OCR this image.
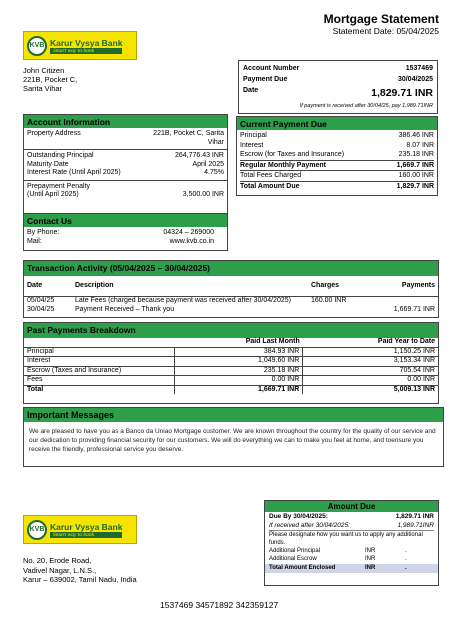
Mortgage Statement
Statement Date: 05/04/2025
KVB Karur Vysya Bank
Smart way to bank
John Citizen
221B, Pocket C,
Sarita Vihar
Account Number	1537469
Payment Due	30/04/2025
Date	1,829.71 INR
If payment is received after 30/04/25, pay 1,989.71INR
Account Information
Property Address	221B, Pocket C, Sarita
Vihar
Outstanding Principal	264,776.43 INR
Maturity Date	April 2025
Interest Rate (Until April 2025)	4.75%
Prepayment Penalty
(Until April 2025)	3,500.00 INR
Contact Us
By Phone:	04324 – 269000
Mail:	www.kvb.co.in
Current Payment Due
Principal	386.46 INR
Interest	8.07 INR
Escrow (for Taxes and Insurance)	235.18 INR
Regular Monthly Payment	1,669.7 INR
Total Fees Charged	160.00 INR
Total Amount Due	1,829.7 INR
Transaction Activity (05/04/2025 – 30/04/2025)
Date	Description	Charges	Payments

05/04/25	Late Fees (charged because payment was received after 30/04/2025)	160.00 INR	
30/04/25	Payment Received – Thank you		1,669.71 INR
Past Payments Breakdown
	Paid Last Month	Paid Year to Date
Principal	384.93 INR	1,150.25 INR
Interest	1,049.60 INR	3,153.34 INR
Escrow (Taxes and Insurance)	235.18 INR	705.54 INR
Fees	0.00 INR	0.00 INR
Total	1,669.71 INR	5,009.13 INR
Important Messages
We are pleased to have you as a Banco da Uniao Mortgage customer. We are known throughout the country for the quality of our service and our dedication to providing financial security for our customers. We will do everything we can to make you feel at home, and toensure you receive the friendly, professional service you deserve.
Amount Due
Due By 30/04/2025:	1,829.71 INR
If received after 30/04/2025:	1,989.71INR
Please designate how you want us to apply any additional funds.
Additional Principal	INR	.
Additional Escrow	INR	.
Total Amount Enclosed	INR	.
KVB Karur Vysya Bank
Smart way to bank
No. 20, Erode Road,
Vadivel Nagar, L.N.S.,
Karur – 639002, Tamil Nadu, India
1537469 34571892 342359127
